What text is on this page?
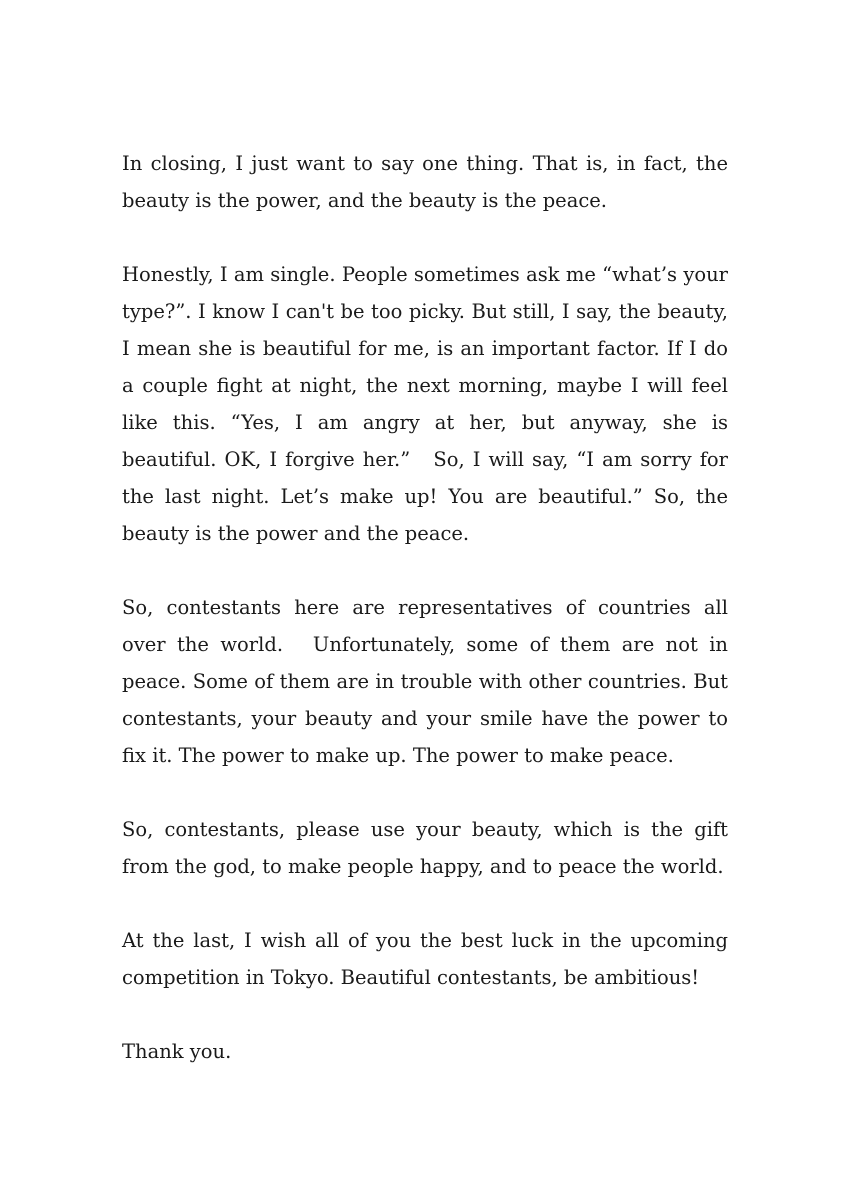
In closing, I just want to say one thing. That is, in fact, the beauty is the power, and the beauty is the peace.

Honestly, I am single. People sometimes ask me “what’s your type?”. I know I can't be too picky. But still, I say, the beauty, I mean she is beautiful for me, is an important factor. If I do a couple fight at night, the next morning, maybe I will feel like this. “Yes, I am angry at her, but anyway, she is beautiful. OK, I forgive her.”　So, I will say, “I am sorry for the last night. Let’s make up! You are beautiful.” So, the beauty is the power and the peace.

So, contestants here are representatives of countries all over the world.　Unfortunately, some of them are not in peace. Some of them are in trouble with other countries. But contestants, your beauty and your smile have the power to fix it. The power to make up. The power to make peace.

So, contestants, please use your beauty, which is the gift from the god, to make people happy, and to peace the world.

At the last, I wish all of you the best luck in the upcoming competition in Tokyo. Beautiful contestants, be ambitious!

Thank you.
